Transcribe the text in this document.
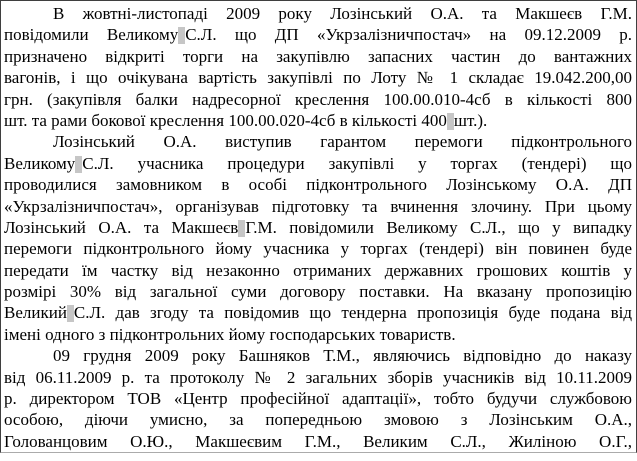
В жовтні-листопаді 2009 року Лозінський О.А. та Макшеєв Г.М.
повідомили Великому С.Л. що ДП «Укрзалізничпостач» на 09.12.2009 р.
призначено відкриті торги на закупівлю запасних частин до вантажних
вагонів, і що очікувана вартість закупівлі по Лоту № 1 складає 19.042.200,00
грн. (закупівля балки надресорної креслення 100.00.010-4сб в кількості 800
шт. та рами бокової креслення 100.00.020-4сб в кількості 400 шт.).
Лозінський О.А. виступив гарантом перемоги підконтрольного
Великому С.Л. учасника процедури закупівлі у торгах (тендері) що
проводилися замовником в особі підконтрольного Лозінському О.А. ДП
«Укрзалізничпостач», організував підготовку та вчинення злочину. При цьому
Лозінський О.А. та Макшеєв Г.М. повідомили Великому С.Л., що у випадку
перемоги підконтрольного йому учасника у торгах (тендері) він повинен буде
передати їм частку від незаконно отриманих державних грошових коштів у
розмірі 30% від загальної суми договору поставки. На вказану пропозицію
Великий С.Л. дав згоду та повідомив що тендерна пропозиція буде подана від
імені одного з підконтрольних йому господарських товариств.
09 грудня 2009 року Башняков Т.М., являючись відповідно до наказу
від 06.11.2009 р. та протоколу № 2 загальних зборів учасників від 10.11.2009
р. директором ТОВ «Центр професійної адаптації», тобто будучи службовою
особою, діючи умисно, за попередньою змовою з Лозінським О.А.,
Голованцовим О.Ю., Макшеєвим Г.М., Великим С.Л., Жиліною О.Г.,
